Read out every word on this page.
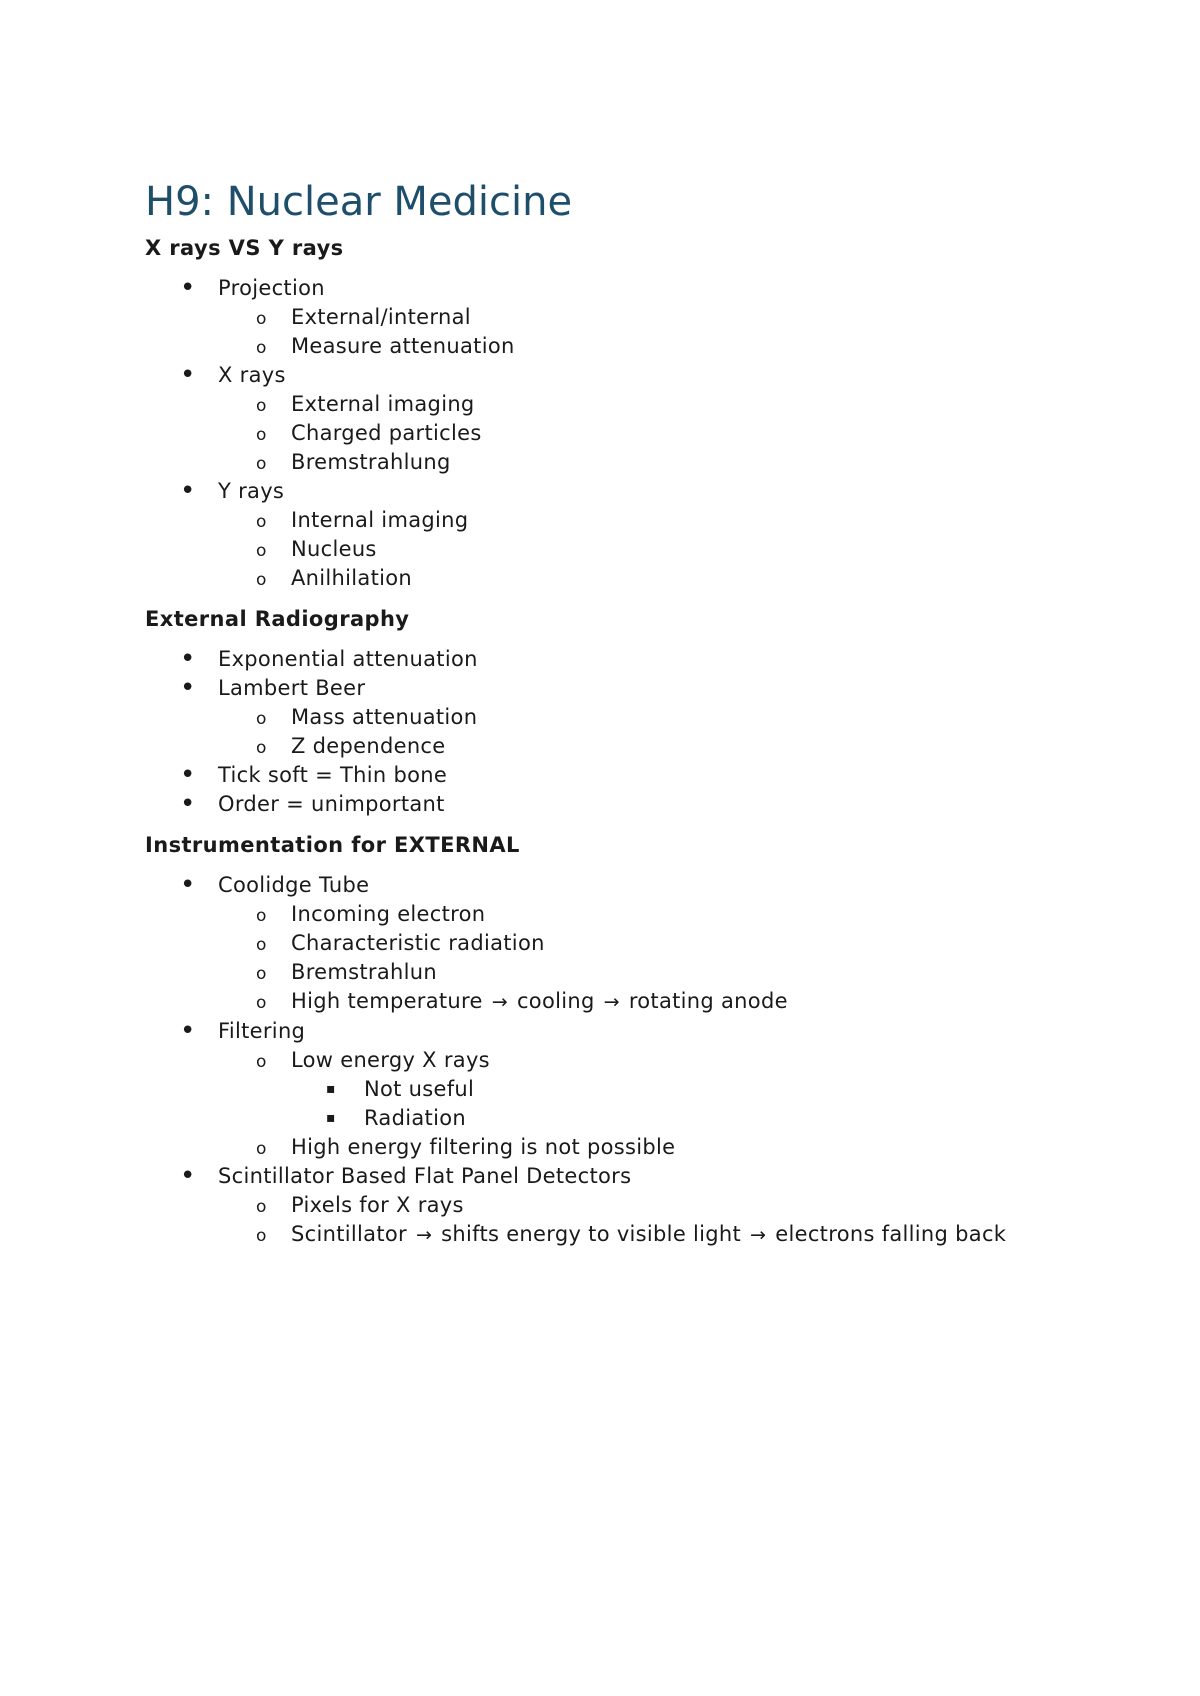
H9: Nuclear Medicine
X rays VS Y rays
• Projection
o External/internal
o Measure attenuation
• X rays
o External imaging
o Charged particles
o Bremstrahlung
• Y rays
o Internal imaging
o Nucleus
o Anilhilation
External Radiography
• Exponential attenuation
• Lambert Beer
o Mass attenuation
o Z dependence
• Tick soft = Thin bone
• Order = unimportant
Instrumentation for EXTERNAL
• Coolidge Tube
o Incoming electron
o Characteristic radiation
o Bremstrahlun
o High temperature → cooling → rotating anode
• Filtering
o Low energy X rays
▪ Not useful
▪ Radiation
o High energy filtering is not possible
• Scintillator Based Flat Panel Detectors
o Pixels for X rays
o Scintillator → shifts energy to visible light → electrons falling back
